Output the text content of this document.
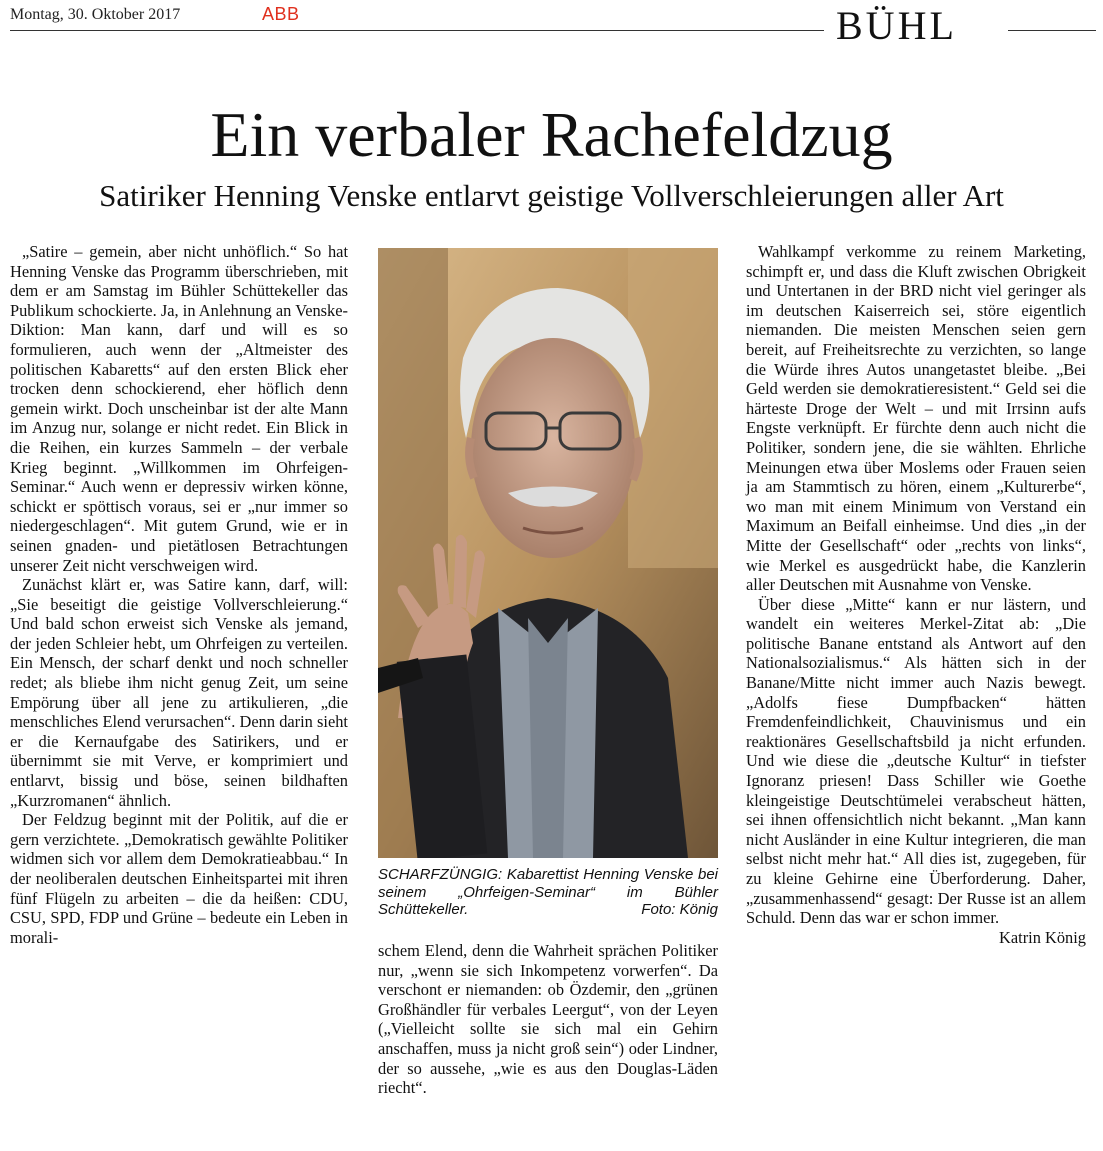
Montag, 30. Oktober 2017	ABB	BÜHL
Ein verbaler Rachefeldzug
Satiriker Henning Venske entlarvt geistige Vollverschleierungen aller Art

„Satire – gemein, aber nicht unhöflich.“ So hat Henning Venske das Programm überschrieben, mit dem er am Samstag im Bühler Schüttekeller das Publikum schockierte. Ja, in Anlehnung an Venske-Diktion: Man kann, darf und will es so formulieren, auch wenn der „Altmeister des politischen Kabaretts“ auf den ersten Blick eher trocken denn schockierend, eher höflich denn gemein wirkt. Doch unscheinbar ist der alte Mann im Anzug nur, solange er nicht redet. Ein Blick in die Reihen, ein kurzes Sammeln – der verbale Krieg beginnt. „Willkommen im Ohrfeigen-Seminar.“ Auch wenn er depressiv wirken könne, schickt er spöttisch voraus, sei er „nur immer so niedergeschlagen“. Mit gutem Grund, wie er in seinen gnaden- und pietätlosen Betrachtungen unserer Zeit nicht verschweigen wird.

Zunächst klärt er, was Satire kann, darf, will: „Sie beseitigt die geistige Vollverschleierung.“ Und bald schon erweist sich Venske als jemand, der jeden Schleier hebt, um Ohrfeigen zu verteilen. Ein Mensch, der scharf denkt und noch schneller redet; als bliebe ihm nicht genug Zeit, um seine Empörung über all jene zu artikulieren, „die menschliches Elend verursachen“. Denn darin sieht er die Kernaufgabe des Satirikers, und er übernimmt sie mit Verve, er komprimiert und entlarvt, bissig und böse, seinen bildhaften „Kurzromanen“ ähnlich.

Der Feldzug beginnt mit der Politik, auf die er gern verzichtete. „Demokratisch gewählte Politiker widmen sich vor allem dem Demokratieabbau.“ In der neoliberalen deutschen Einheitspartei mit ihren fünf Flügeln zu arbeiten – die da heißen: CDU, CSU, SPD, FDP und Grüne – bedeute ein Leben in morali-

SCHARFZÜNGIG: Kabarettist Henning Venske bei seinem „Ohrfeigen-Seminar“ im Bühler Schüttekeller.	Foto: König

schem Elend, denn die Wahrheit sprächen Politiker nur, „wenn sie sich Inkompetenz vorwerfen“. Da verschont er niemanden: ob Özdemir, den „grünen Großhändler für verbales Leergut“, von der Leyen („Vielleicht sollte sie sich mal ein Gehirn anschaffen, muss ja nicht groß sein“) oder Lindner, der so aussehe, „wie es aus den Douglas-Läden riecht“.

Wahlkampf verkomme zu reinem Marketing, schimpft er, und dass die Kluft zwischen Obrigkeit und Untertanen in der BRD nicht viel geringer als im deutschen Kaiserreich sei, störe eigentlich niemanden. Die meisten Menschen seien gern bereit, auf Freiheitsrechte zu verzichten, so lange die Würde ihres Autos unangetastet bleibe. „Bei Geld werden sie demokratieresistent.“ Geld sei die härteste Droge der Welt – und mit Irrsinn aufs Engste verknüpft. Er fürchte denn auch nicht die Politiker, sondern jene, die sie wählten. Ehrliche Meinungen etwa über Moslems oder Frauen seien ja am Stammtisch zu hören, einem „Kulturerbe“, wo man mit einem Minimum von Verstand ein Maximum an Beifall einheimse. Und dies „in der Mitte der Gesellschaft“ oder „rechts von links“, wie Merkel es ausgedrückt habe, die Kanzlerin aller Deutschen mit Ausnahme von Venske.

Über diese „Mitte“ kann er nur lästern, und wandelt ein weiteres Merkel-Zitat ab: „Die politische Banane entstand als Antwort auf den Nationalsozialismus.“ Als hätten sich in der Banane/Mitte nicht immer auch Nazis bewegt. „Adolfs fiese Dumpfbacken“ hätten Fremdenfeindlichkeit, Chauvinismus und ein reaktionäres Gesellschaftsbild ja nicht erfunden. Und wie diese die „deutsche Kultur“ in tiefster Ignoranz priesen! Dass Schiller wie Goethe kleingeistige Deutschtümelei verabscheut hätten, sei ihnen offensichtlich nicht bekannt. „Man kann nicht Ausländer in eine Kultur integrieren, die man selbst nicht mehr hat.“ All dies ist, zugegeben, für zu kleine Gehirne eine Überforderung. Daher, „zusammenhassend“ gesagt: Der Russe ist an allem Schuld. Denn das war er schon immer.
Katrin König
